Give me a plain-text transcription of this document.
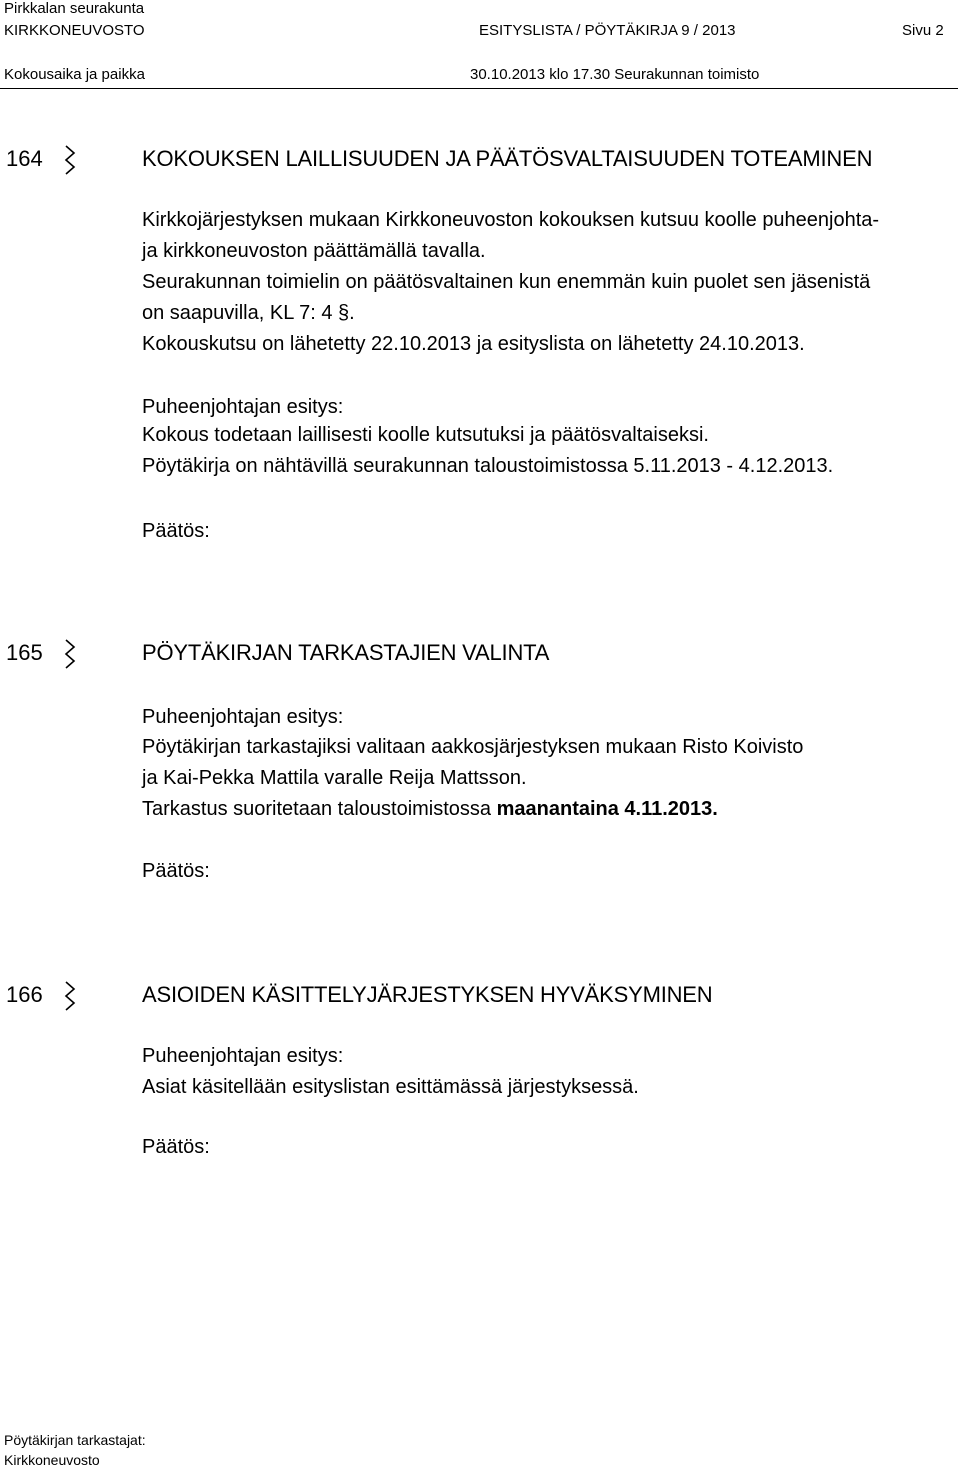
Pirkkalan seurakunta
KIRKKONEUVOSTO	ESITYSLISTA / PÖYTÄKIRJA 9 / 2013	Sivu 2
Kokousaika ja paikka	30.10.2013 klo 17.30 Seurakunnan toimisto
164	KOKOUKSEN LAILLISUUDEN JA PÄÄTÖSVALTAISUUDEN TOTEAMINEN
Kirkkojärjestyksen mukaan Kirkkoneuvoston kokouksen kutsuu koolle puheenjohta-
ja kirkkoneuvoston päättämällä tavalla.
Seurakunnan toimielin on päätösvaltainen kun enemmän kuin puolet sen jäsenistä
on saapuvilla, KL 7: 4 §.
Kokouskutsu on lähetetty 22.10.2013 ja esityslista on lähetetty 24.10.2013.
Puheenjohtajan esitys:
Kokous todetaan laillisesti koolle kutsutuksi ja päätösvaltaiseksi.
Pöytäkirja on nähtävillä seurakunnan taloustoimistossa 5.11.2013 - 4.12.2013.
Päätös:
165	PÖYTÄKIRJAN TARKASTAJIEN VALINTA
Puheenjohtajan esitys:
Pöytäkirjan tarkastajiksi valitaan aakkosjärjestyksen mukaan Risto Koivisto
ja Kai-Pekka Mattila varalle Reija Mattsson.
Tarkastus suoritetaan taloustoimistossa maanantaina 4.11.2013.
Päätös:
166	ASIOIDEN KÄSITTELYJÄRJESTYKSEN HYVÄKSYMINEN
Puheenjohtajan esitys:
Asiat käsitellään esityslistan esittämässä järjestyksessä.
Päätös:
Pöytäkirjan tarkastajat:
Kirkkoneuvosto
